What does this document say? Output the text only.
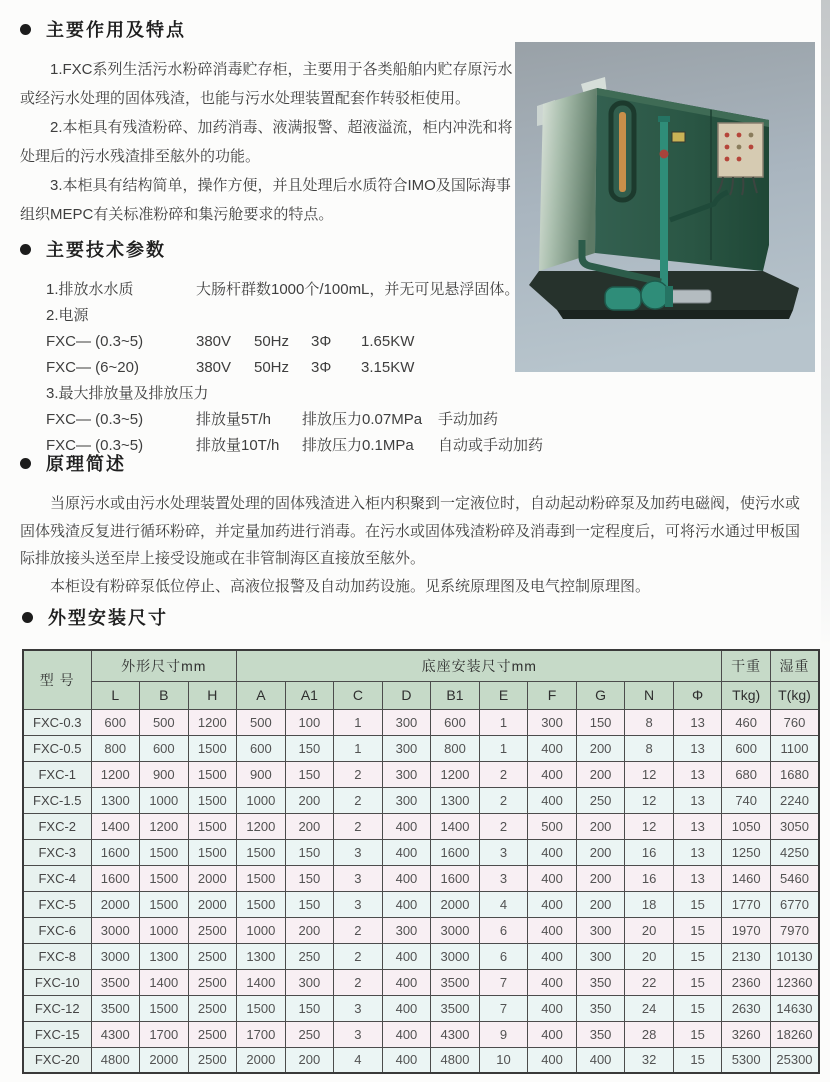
主要作用及特点

1.FXC系列生活污水粉碎消毒贮存柜，主要用于各类船舶内贮存原污水或经污水处理的固体残渣，也能与污水处理装置配套作转驳柜使用。

2.本柜具有残渣粉碎、加药消毒、液满报警、超液溢流，柜内冲洗和将处理后的污水残渣排至舷外的功能。

3.本柜具有结构简单，操作方便，并且处理后水质符合IMO及国际海事组织MEPC有关标准粉碎和集污舱要求的特点。

主要技术参数
1.排放水水质	大肠杆群数1000个/100mL，并无可见悬浮固体。
2.电源
FXC— (0.3~5)	380V	50Hz	3Φ	1.65KW
FXC— (6~20)	380V	50Hz	3Φ	3.15KW
3.最大排放量及排放压力
FXC— (0.3~5)	排放量5T/h	排放压力0.07MPa	手动加药
FXC— (0.3~5)	排放量10T/h	排放压力0.1MPa	自动或手动加药
原理简述

当原污水或由污水处理装置处理的固体残渣进入柜内积聚到一定液位时，自动起动粉碎泵及加药电磁阀，使污水或固体残渣反复进行循环粉碎，并定量加药进行消毒。在污水或固体残渣粉碎及消毒到一定程度后，可将污水通过甲板国际排放接头送至岸上接受设施或在非管制海区直接放至舷外。

本柜设有粉碎泵低位停止、高液位报警及自动加药设施。见系统原理图及电气控制原理图。

外型安装尺寸
型 号	外形尺寸mm			底座安装尺寸mm										干重	湿重
	L	B	H	A	A1	C	D	B1	E	F	G	N	Φ	Tkg)	T(kg)
FXC-0.3	600	500	1200	500	100	1	300	600	1	300	150	8	13	460	760
FXC-0.5	800	600	1500	600	150	1	300	800	1	400	200	8	13	600	1100
FXC-1	1200	900	1500	900	150	2	300	1200	2	400	200	12	13	680	1680
FXC-1.5	1300	1000	1500	1000	200	2	300	1300	2	400	250	12	13	740	2240
FXC-2	1400	1200	1500	1200	200	2	400	1400	2	500	200	12	13	1050	3050
FXC-3	1600	1500	1500	1500	150	3	400	1600	3	400	200	16	13	1250	4250
FXC-4	1600	1500	2000	1500	150	3	400	1600	3	400	200	16	13	1460	5460
FXC-5	2000	1500	2000	1500	150	3	400	2000	4	400	200	18	15	1770	6770
FXC-6	3000	1000	2500	1000	200	2	300	3000	6	400	300	20	15	1970	7970
FXC-8	3000	1300	2500	1300	250	2	400	3000	6	400	300	20	15	2130	10130
FXC-10	3500	1400	2500	1400	300	2	400	3500	7	400	350	22	15	2360	12360
FXC-12	3500	1500	2500	1500	150	3	400	3500	7	400	350	24	15	2630	14630
FXC-15	4300	1700	2500	1700	250	3	400	4300	9	400	350	28	15	3260	18260
FXC-20	4800	2000	2500	2000	200	4	400	4800	10	400	400	32	15	5300	25300
